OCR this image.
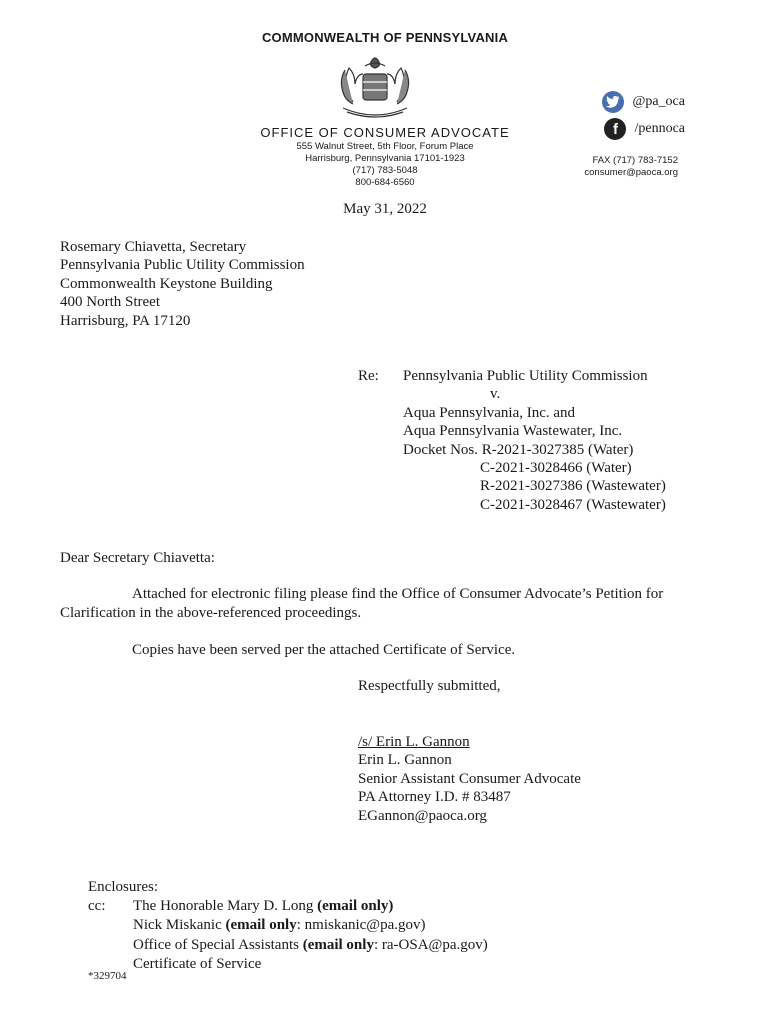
COMMONWEALTH OF PENNSYLVANIA
OFFICE OF CONSUMER ADVOCATE
555 Walnut Street, 5th Floor, Forum Place
Harrisburg, Pennsylvania 17101-1923
(717) 783-5048
800-684-6560
@pa_oca
f	/pennoca
FAX (717) 783-7152
consumer@paoca.org
May 31, 2022
Rosemary Chiavetta, Secretary
Pennsylvania Public Utility Commission
Commonwealth Keystone Building
400 North Street
Harrisburg, PA 17120
Re: Pennsylvania Public Utility Commission
v.
Aqua Pennsylvania, Inc. and
Aqua Pennsylvania Wastewater, Inc.
Docket Nos. R-2021-3027385 (Water)
C-2021-3028466 (Water)
R-2021-3027386 (Wastewater)
C-2021-3028467 (Wastewater)
Dear Secretary Chiavetta:
Attached for electronic filing please find the Office of Consumer Advocate’s Petition for Clarification in the above-referenced proceedings.
Copies have been served per the attached Certificate of Service.
Respectfully submitted,
/s/ Erin L. Gannon
Erin L. Gannon
Senior Assistant Consumer Advocate
PA Attorney I.D. # 83487
EGannon@paoca.org
Enclosures:
cc: The Honorable Mary D. Long (email only)
Nick Miskanic (email only: nmiskanic@pa.gov)
Office of Special Assistants (email only: ra-OSA@pa.gov)
Certificate of Service
*329704
